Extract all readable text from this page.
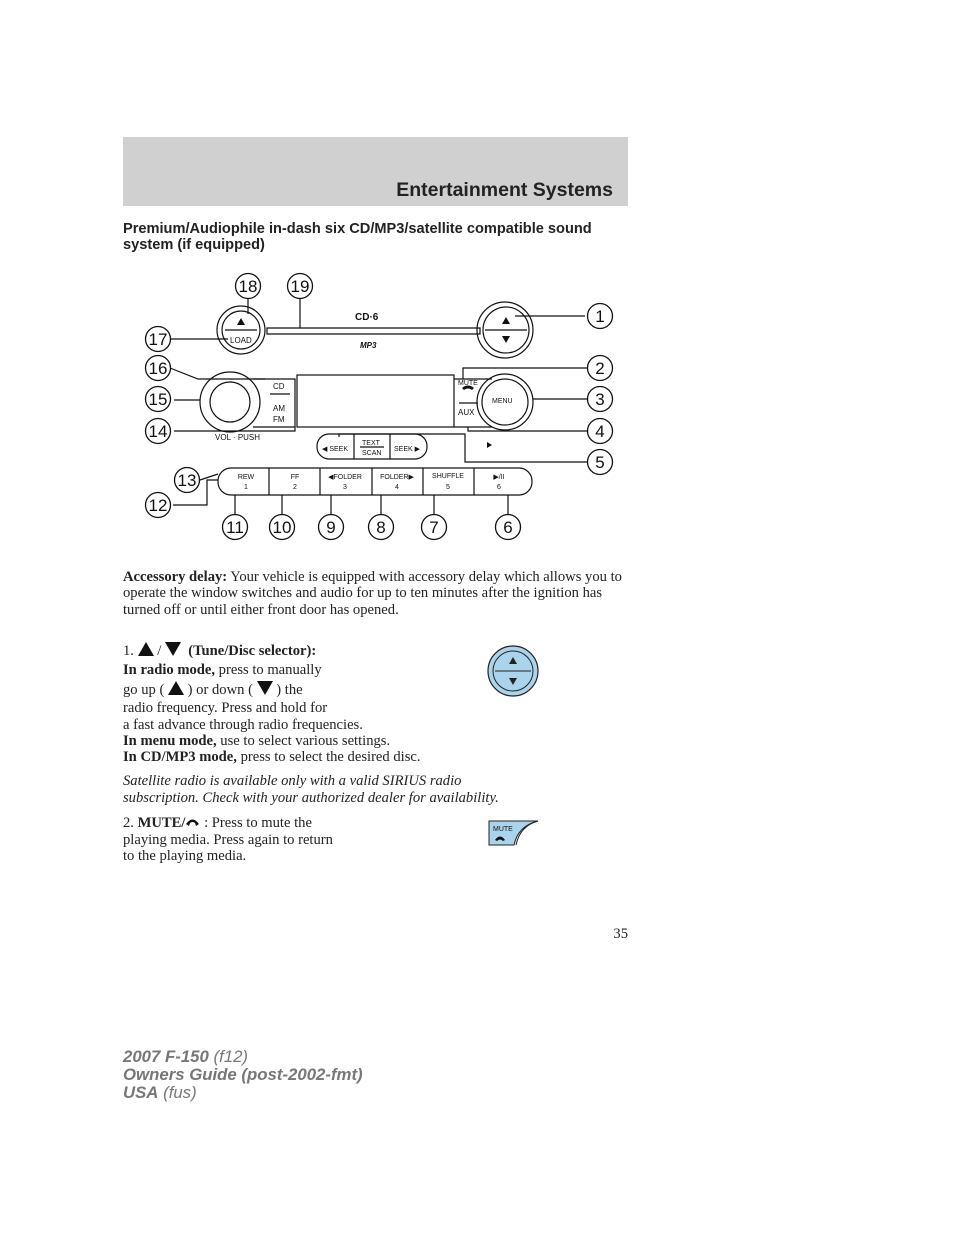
Entertainment Systems
Premium/Audiophile in-dash six CD/MP3/satellite compatible sound system (if equipped)
CD·6
MP3
LOAD
CD
AM
FM
VOL · PUSH
MUTE
MENU
AUX
◀ SEEK
TEXT
SCAN
SEEK ▶
REW
1
FF
2
◀FOLDER
3
FOLDER▶
4
SHUFFLE
5
▶/II
6
1
2
3
4
5
6
7
8
9
10
11
12
13
14
15
16
17
18 19

Accessory delay: Your vehicle is equipped with accessory delay which allows you to operate the window switches and audio for up to ten minutes after the ignition has turned off or until either front door has opened.

1. / (Tune/Disc selector):

In radio mode, press to manually

go up ( ) or down ( ) the

radio frequency. Press and hold for

a fast advance through radio frequencies.

In menu mode, use to select various settings.

In CD/MP3 mode, press to select the desired disc.

Satellite radio is available only with a valid SIRIUS radio

subscription. Check with your authorized dealer for availability.

2. MUTE/ : Press to mute the

playing media. Press again to return

to the playing media.

MUTE
35
2007 F-150 (f12)
Owners Guide (post-2002-fmt)
USA (fus)
